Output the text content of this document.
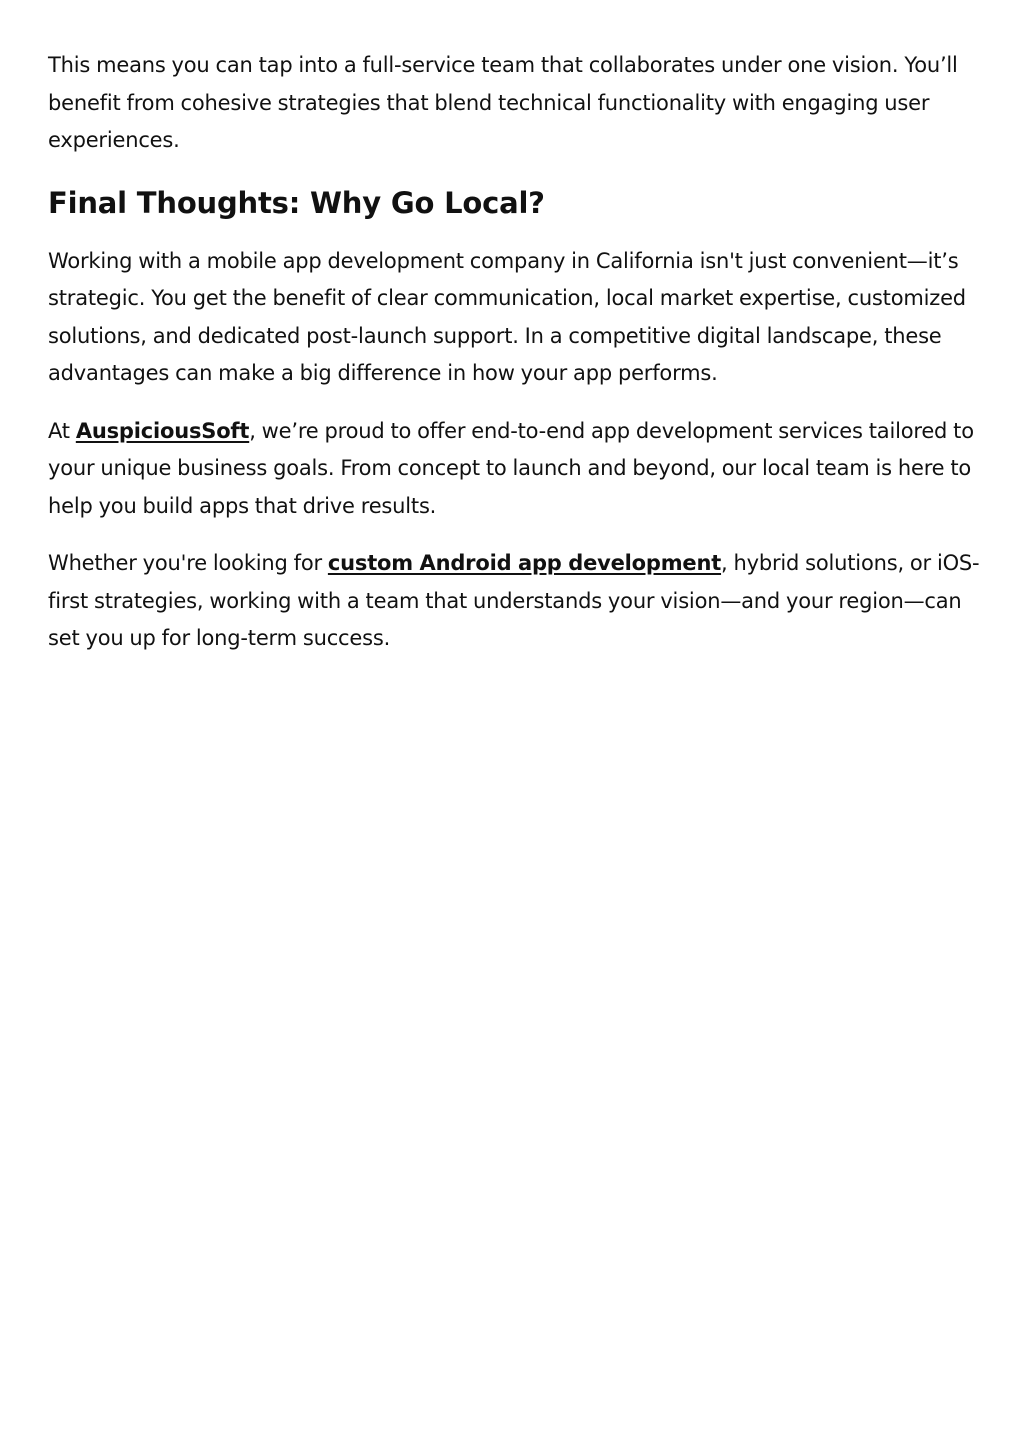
This means you can tap into a full-service team that collaborates under one vision. You’ll benefit from cohesive strategies that blend technical functionality with engaging user experiences.

Final Thoughts: Why Go Local?

Working with a mobile app development company in California isn't just convenient—it’s strategic. You get the benefit of clear communication, local market expertise, customized solutions, and dedicated post-launch support. In a competitive digital landscape, these advantages can make a big difference in how your app performs.

At AuspiciousSoft, we’re proud to offer end-to-end app development services tailored to your unique business goals. From concept to launch and beyond, our local team is here to help you build apps that drive results.

Whether you're looking for custom Android app development, hybrid solutions, or iOS-first strategies, working with a team that understands your vision—and your region—can set you up for long-term success.
